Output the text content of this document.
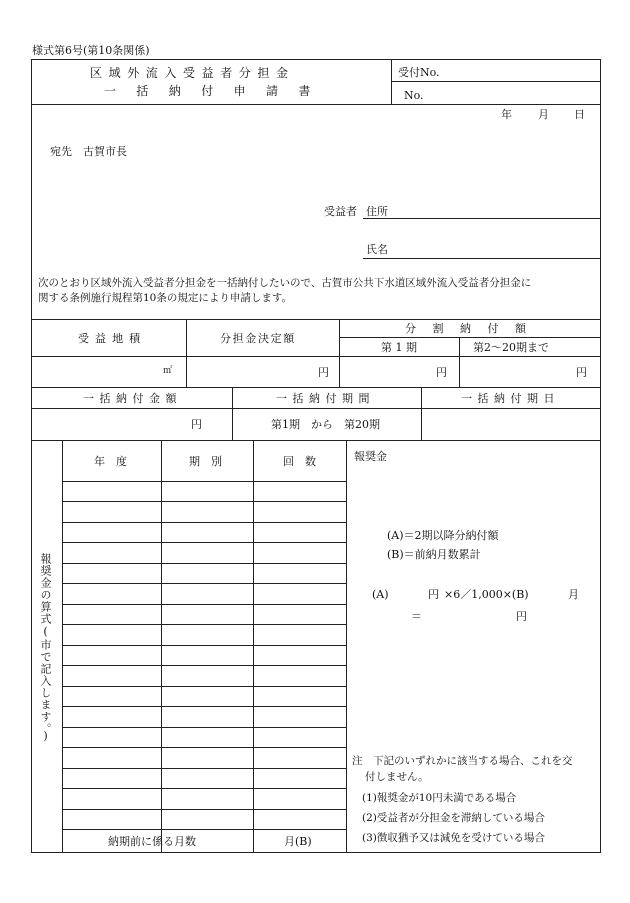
様式第6号(第10条関係)
区域外流入受益者分担金
一括納付申請書
受付No.
No.
年 月 日
宛先　古賀市長
受益者 住所
氏名
次のとおり区域外流入受益者分担金を一括納付したいので、古賀市公共下水道区域外流入受益者分担金に
関する条例施行規程第10条の規定により申請します。
受益地積	分担金決定額
分割納付額
第 1 期	第2～20期まで
㎡	円	円	円
一括納付金額	一括納付期間	一括納付期日
円	第1期　から　第20期
報奨金の算式(市で記入します。)
年　度	期　別	回　数
納期前に係る月数	月(B)
報奨金
(A)＝2期以降分納付額
(B)＝前納月数累計
(A)	円 ×6／1,000×(B)	月
＝	円
注　下記のいずれかに該当する場合、これを交
付しません。
(1)報奨金が10円未満である場合
(2)受益者が分担金を滞納している場合
(3)徴収猶予又は減免を受けている場合
